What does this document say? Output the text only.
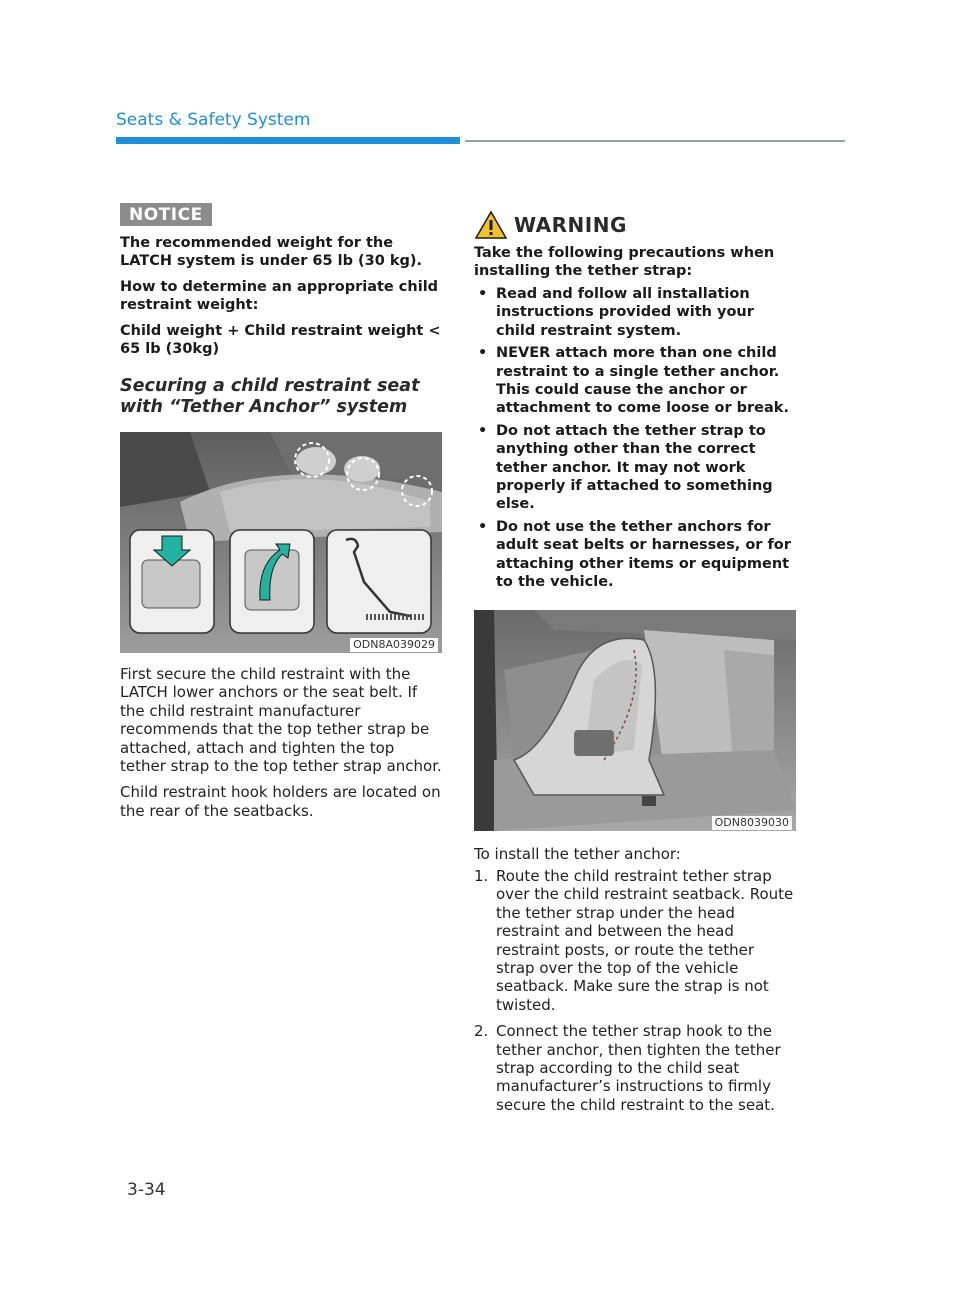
Seats & Safety System
NOTICE

The recommended weight for the LATCH system is under 65 lb (30 kg).

How to determine an appropriate child restraint weight:

Child weight + Child restraint weight < 65 lb (30kg)

Securing a child restraint seat with “Tether Anchor” system
ODN8A039029

First secure the child restraint with the LATCH lower anchors or the seat belt. If the child restraint manufacturer recommends that the top tether strap be attached, attach and tighten the top tether strap to the top tether strap anchor.

Child restraint hook holders are located on the rear of the seatbacks.

WARNING

Take the following precautions when installing the tether strap:

• Read and follow all installation instructions provided with your child restraint system.
• NEVER attach more than one child restraint to a single tether anchor. This could cause the anchor or attachment to come loose or break.
• Do not attach the tether strap to anything other than the correct tether anchor. It may not work properly if attached to something else.
• Do not use the tether anchors for adult seat belts or harnesses, or for attaching other items or equipment to the vehicle.
ODN8039030

To install the tether anchor:

1. Route the child restraint tether strap over the child restraint seatback. Route the tether strap under the head restraint and between the head restraint posts, or route the tether strap over the top of the vehicle seatback. Make sure the strap is not twisted.
2. Connect the tether strap hook to the tether anchor, then tighten the tether strap according to the child seat manufacturer’s instructions to firmly secure the child restraint to the seat.
3-34
